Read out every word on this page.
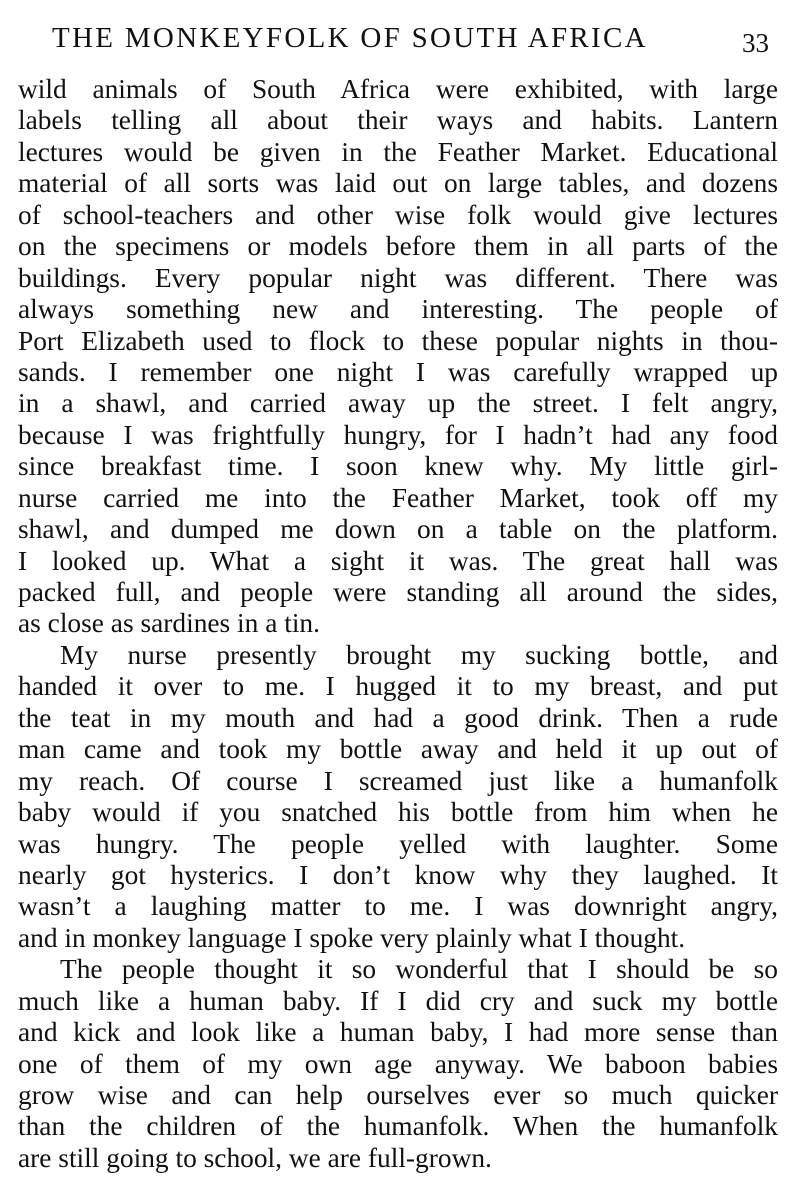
THE MONKEYFOLK OF SOUTH AFRICA	33
wild animals of South Africa were exhibited, with large
labels telling all about their ways and habits. Lantern
lectures would be given in the Feather Market. Educational
material of all sorts was laid out on large tables, and dozens
of school-teachers and other wise folk would give lectures
on the specimens or models before them in all parts of the
buildings. Every popular night was different. There was
always something new and interesting. The people of
Port Elizabeth used to flock to these popular nights in thou-
sands. I remember one night I was carefully wrapped up
in a shawl, and carried away up the street. I felt angry,
because I was frightfully hungry, for I hadn’t had any food
since breakfast time. I soon knew why. My little girl-
nurse carried me into the Feather Market, took off my
shawl, and dumped me down on a table on the platform.
I looked up. What a sight it was. The great hall was
packed full, and people were standing all around the sides,
as close as sardines in a tin.
My nurse presently brought my sucking bottle, and
handed it over to me. I hugged it to my breast, and put
the teat in my mouth and had a good drink. Then a rude
man came and took my bottle away and held it up out of
my reach. Of course I screamed just like a humanfolk
baby would if you snatched his bottle from him when he
was hungry. The people yelled with laughter. Some
nearly got hysterics. I don’t know why they laughed. It
wasn’t a laughing matter to me. I was downright angry,
and in monkey language I spoke very plainly what I thought.
The people thought it so wonderful that I should be so
much like a human baby. If I did cry and suck my bottle
and kick and look like a human baby, I had more sense than
one of them of my own age anyway. We baboon babies
grow wise and can help ourselves ever so much quicker
than the children of the humanfolk. When the humanfolk
are still going to school, we are full-grown.
